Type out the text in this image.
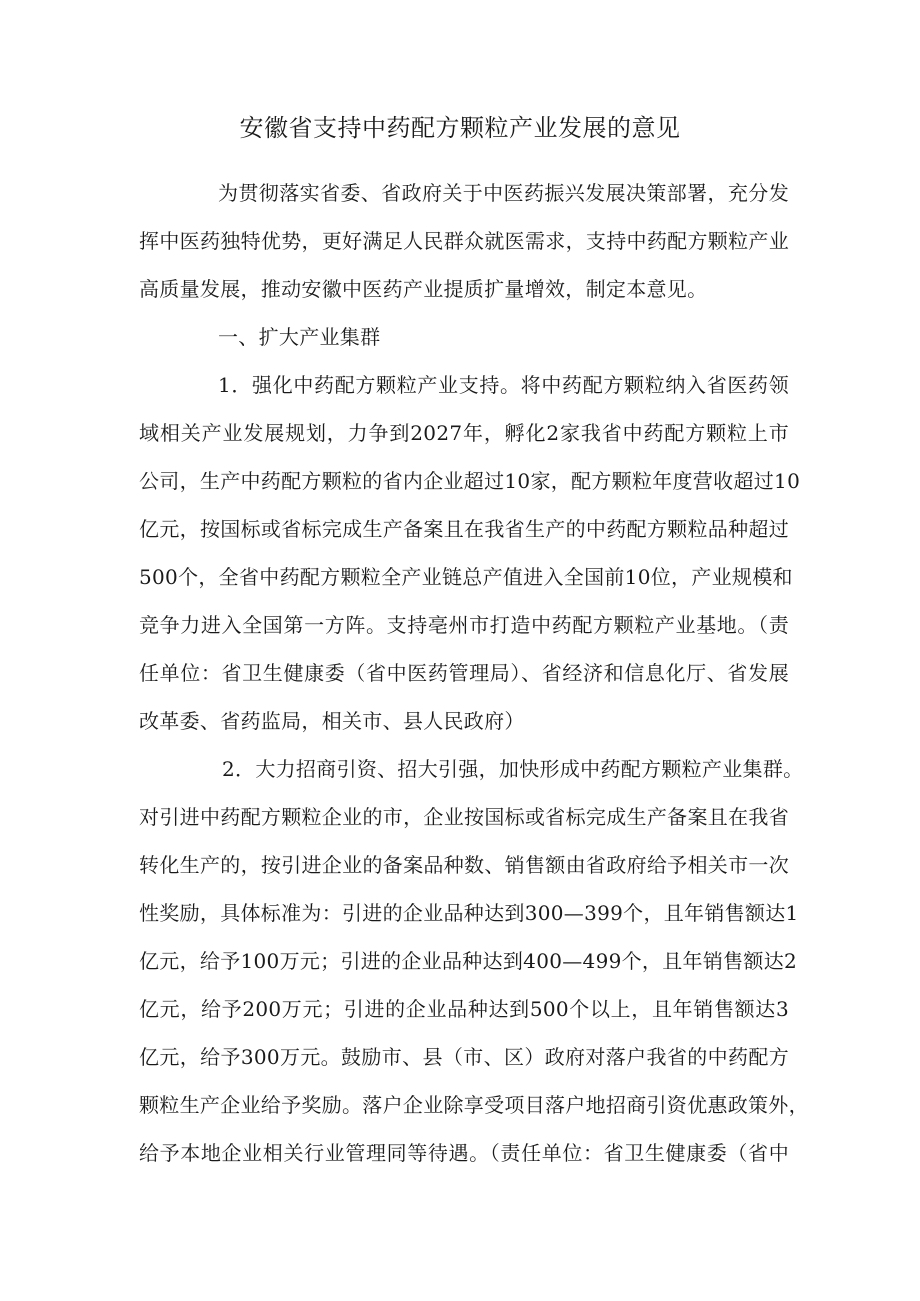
安徽省支持中药配方颗粒产业发展的意见

为贯彻落实省委、省政府关于中医药振兴发展决策部署，充分发

挥中医药独特优势，更好满足人民群众就医需求，支持中药配方颗粒产业

高质量发展，推动安徽中医药产业提质扩量增效，制定本意见。

一、扩大产业集群

1．强化中药配方颗粒产业支持。将中药配方颗粒纳入省医药领

域相关产业发展规划，力争到2027年，孵化2家我省中药配方颗粒上市

公司，生产中药配方颗粒的省内企业超过10家，配方颗粒年度营收超过10

亿元，按国标或省标完成生产备案且在我省生产的中药配方颗粒品种超过

500个，全省中药配方颗粒全产业链总产值进入全国前10位，产业规模和

竞争力进入全国第一方阵。支持亳州市打造中药配方颗粒产业基地。（责

任单位：省卫生健康委（省中医药管理局）、省经济和信息化厅、省发展

改革委、省药监局，相关市、县人民政府）

2．大力招商引资、招大引强，加快形成中药配方颗粒产业集群。

对引进中药配方颗粒企业的市，企业按国标或省标完成生产备案且在我省

转化生产的，按引进企业的备案品种数、销售额由省政府给予相关市一次

性奖励，具体标准为：引进的企业品种达到300—399个，且年销售额达1

亿元，给予100万元；引进的企业品种达到400—499个，且年销售额达2

亿元，给予200万元；引进的企业品种达到500个以上，且年销售额达3

亿元，给予300万元。鼓励市、县（市、区）政府对落户我省的中药配方

颗粒生产企业给予奖励。落户企业除享受项目落户地招商引资优惠政策外，

给予本地企业相关行业管理同等待遇。（责任单位：省卫生健康委（省中
